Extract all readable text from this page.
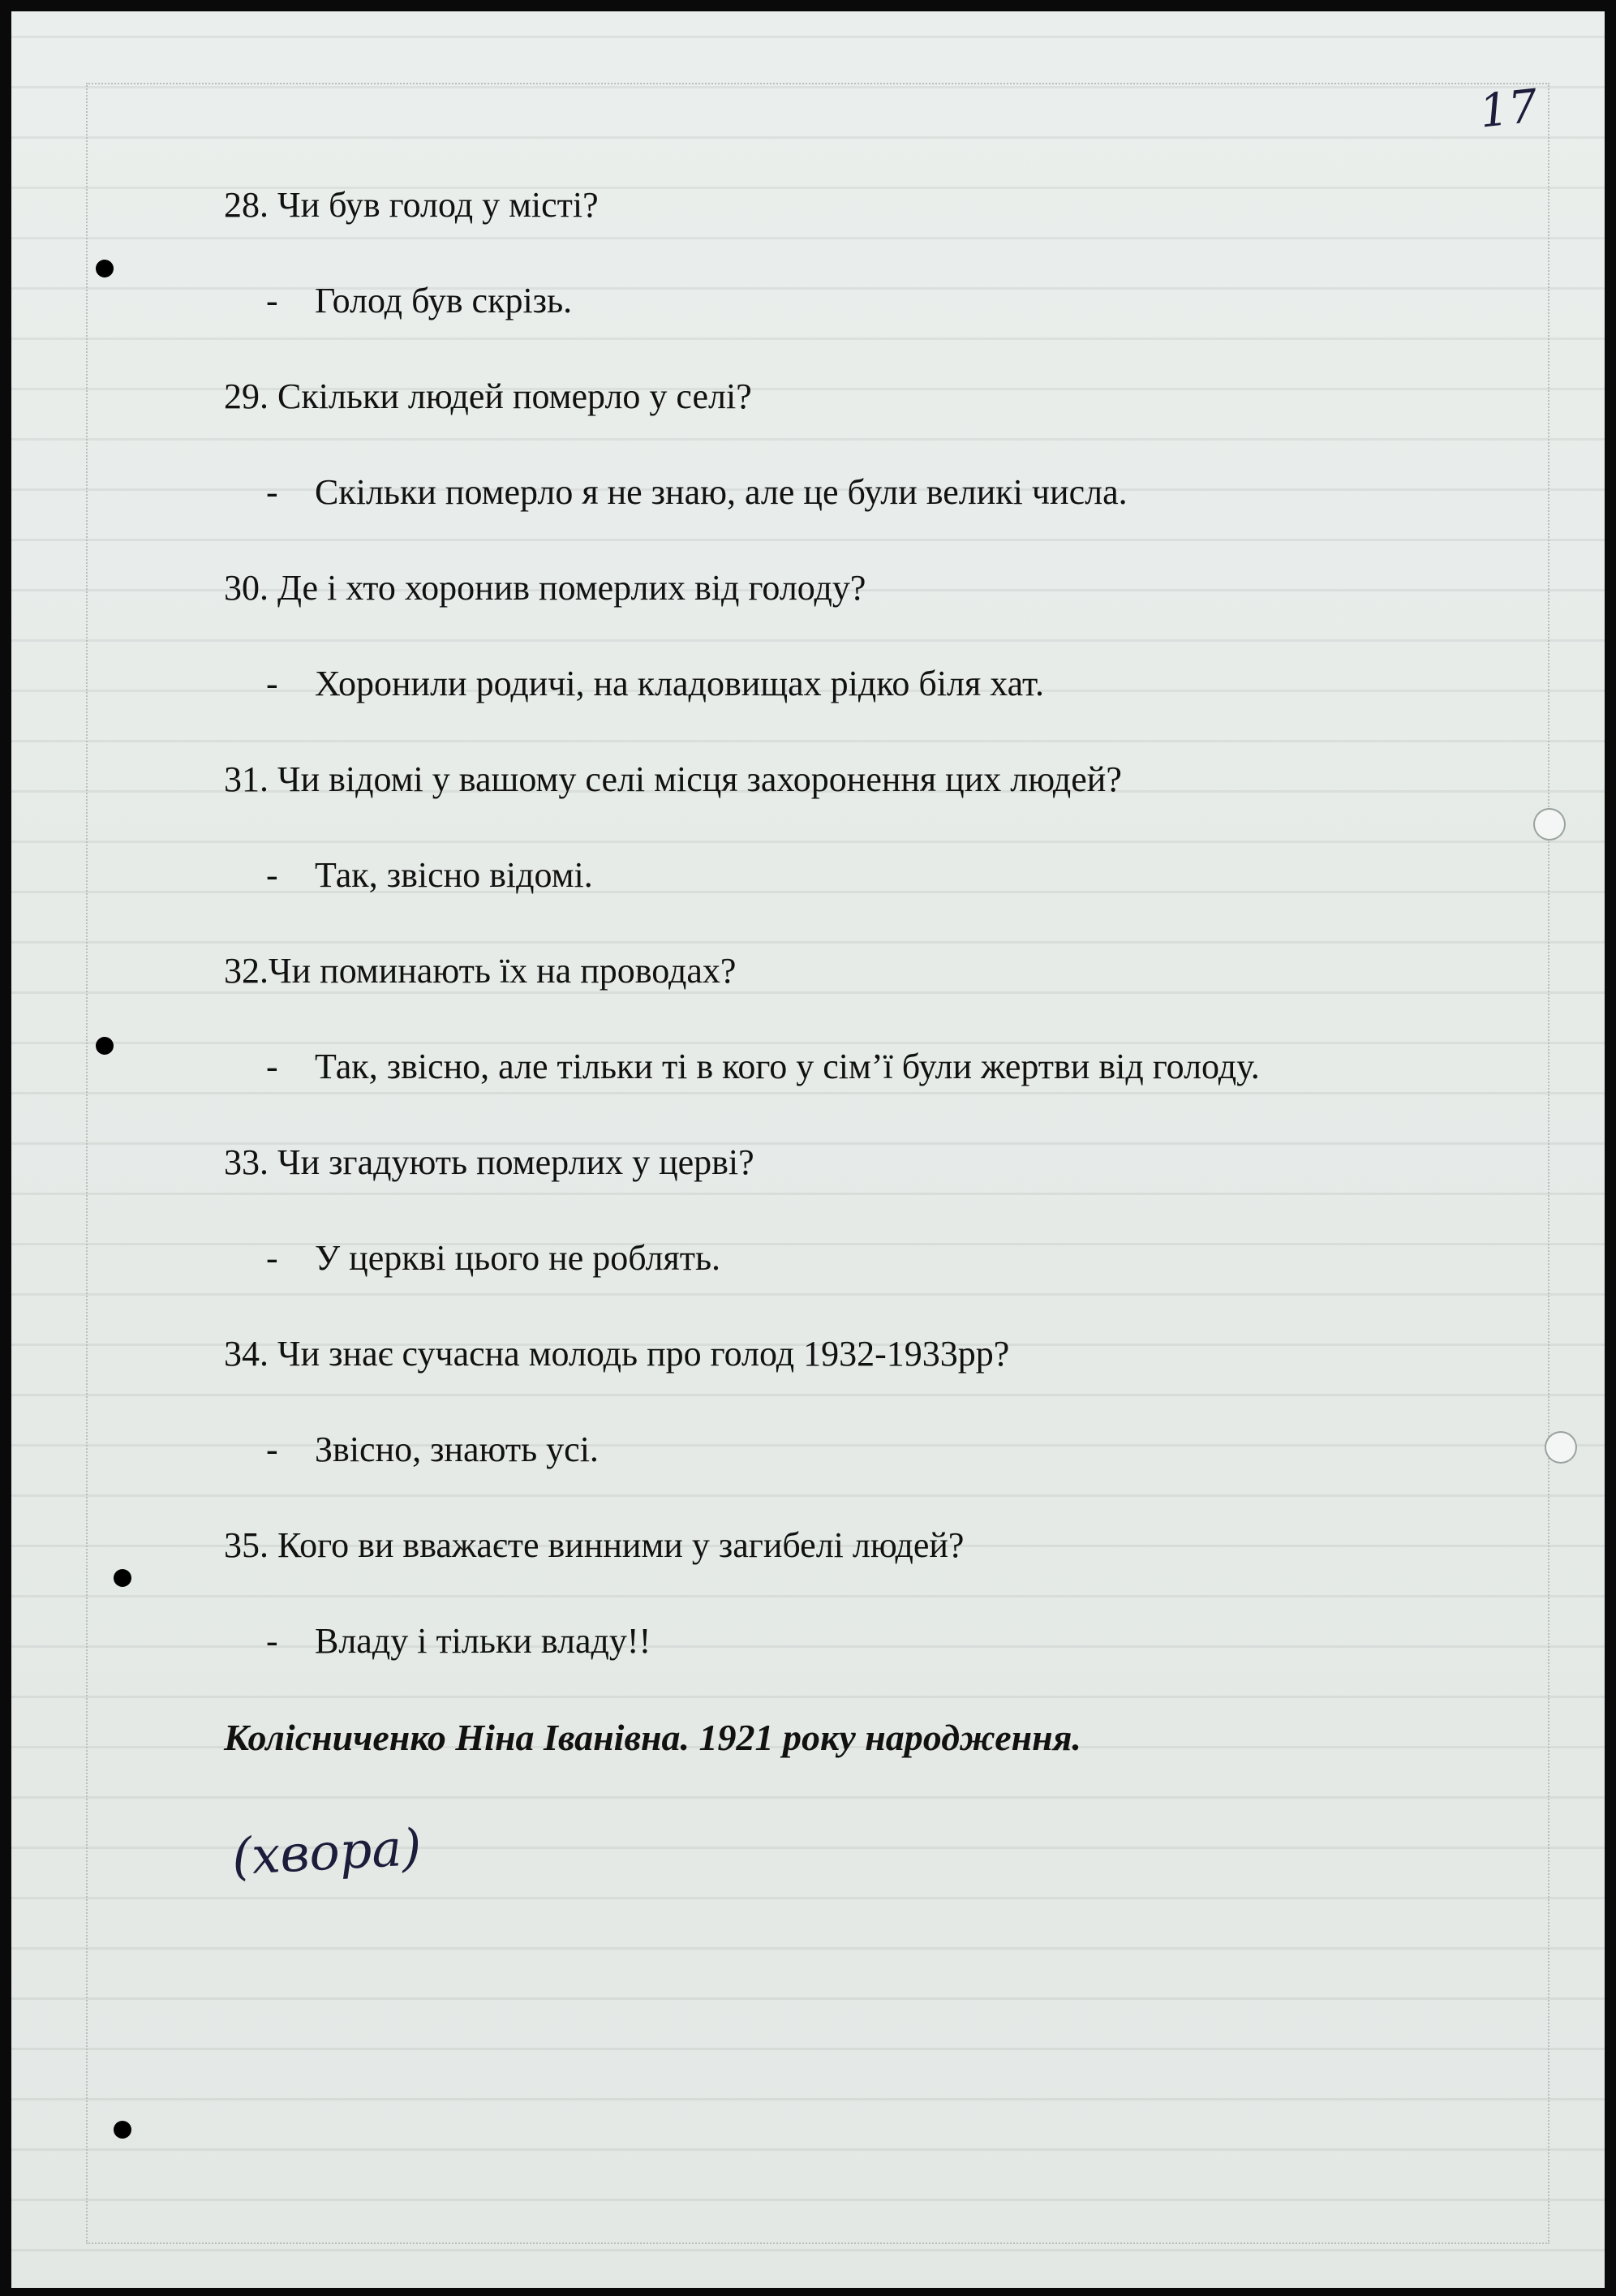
17
28. Чи був голод у місті?
-	Голод був скрізь.
29. Скільки людей померло у селі?
-	Скільки померло я не знаю, але це були великі числа.
30. Де і хто хоронив померлих від голоду?
-	Хоронили родичі, на кладовищах рідко біля хат.
31. Чи відомі у вашому селі місця захоронення цих людей?
-	Так, звісно відомі.
32.Чи поминають їх на проводах?
-	Так, звісно, але тільки ті в кого у сім’ї були жертви від голоду.
33. Чи згадують померлих у церві?
-	У церкві цього не роблять.
34. Чи знає сучасна молодь про голод 1932-1933рр?
-	Звісно, знають усі.
35. Кого ви вважаєте винними у загибелі людей?
-	Владу і тільки владу!!
Колісниченко Ніна Іванівна. 1921 року народження.
(хвора)
